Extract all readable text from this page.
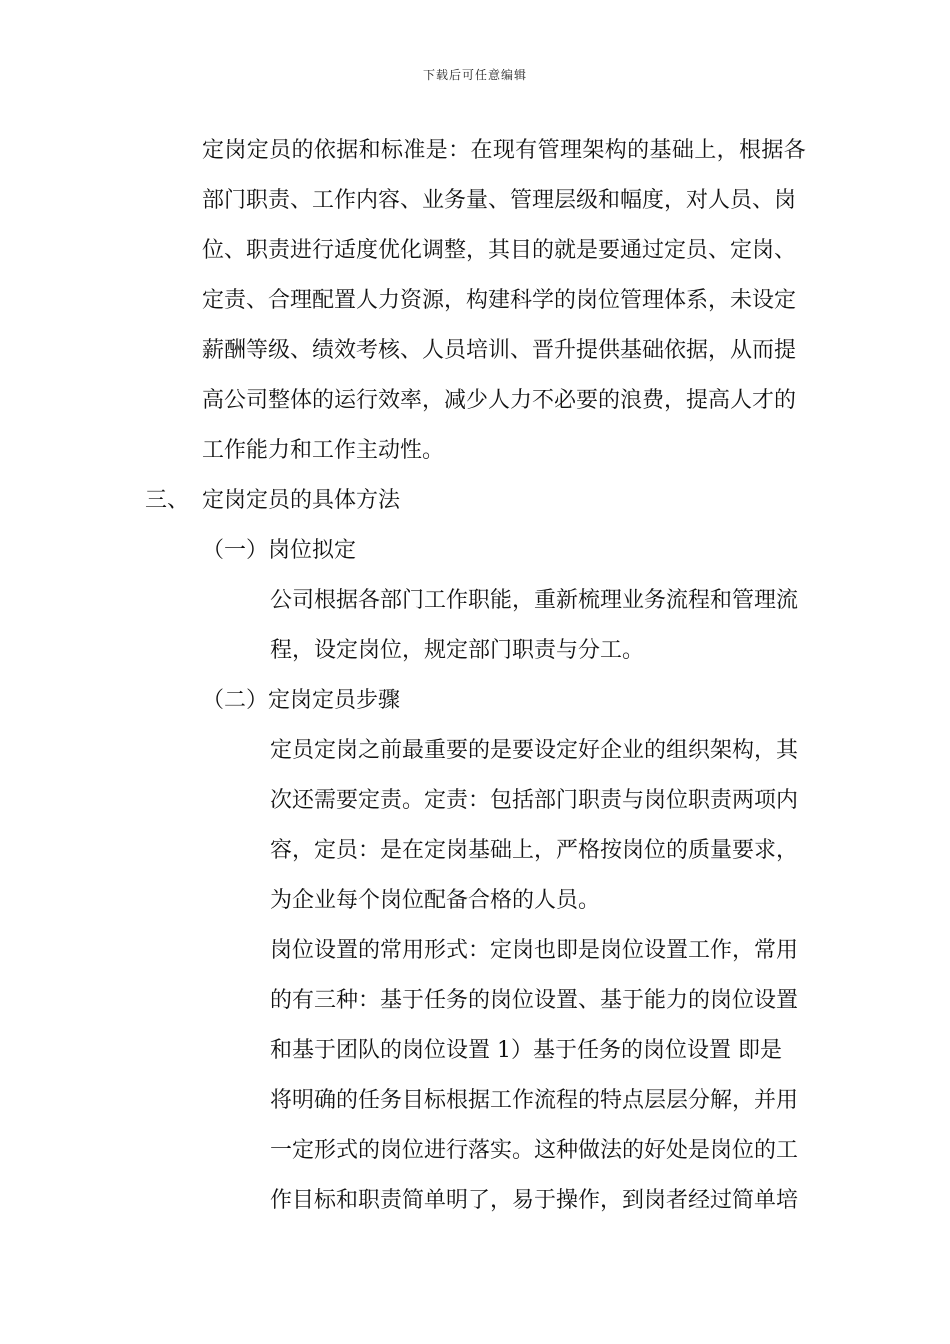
下载后可任意编辑
定 岗 定 员 的 依 据 和 标 准 是 ： 在 现 有 管 理 架 构 的 基 础 上 ， 根 据 各
部门职责、工作内容、业务量、管理层级和幅度，对人员、岗
位、职责进行适度优化调整，其目的就是要通过定员、定岗、
定责、合理配置人力资源，构建科学的岗位管理体系，未设定
薪酬等级、绩效考核、人员培训、晋升提供基础依据，从而提
高公司整体的运行效率，减少人力不必要的浪费，提高人才的
工作能力和工作主动性。
三、 定岗定员的具体方法
（一）岗位拟定
公司根据各部门工作职能，重新梳理业务流程和管理流
程，设定岗位，规定部门职责与分工。
（二）定岗定员步骤
定员定岗之前最重要的是要设定好企业的组织架构，其
次还需要定责。定责：包括部门职责与岗位职责两项内
容，定员：是在定岗基础上，严格按岗位的质量要求，
为企业每个岗位配备合格的人员。
岗位设置的常用形式：定岗也即是岗位设置工作，常用
的有三种：基于任务的岗位设置、基于能力的岗位设置
和基于团队的岗位设置 1）基于任务的岗位设置 即是
将明确的任务目标根据工作流程的特点层层分解，并用
一定形式的岗位进行落实。这种做法的好处是岗位的工
作目标和职责简单明了，易于操作，到岗者经过简单培
